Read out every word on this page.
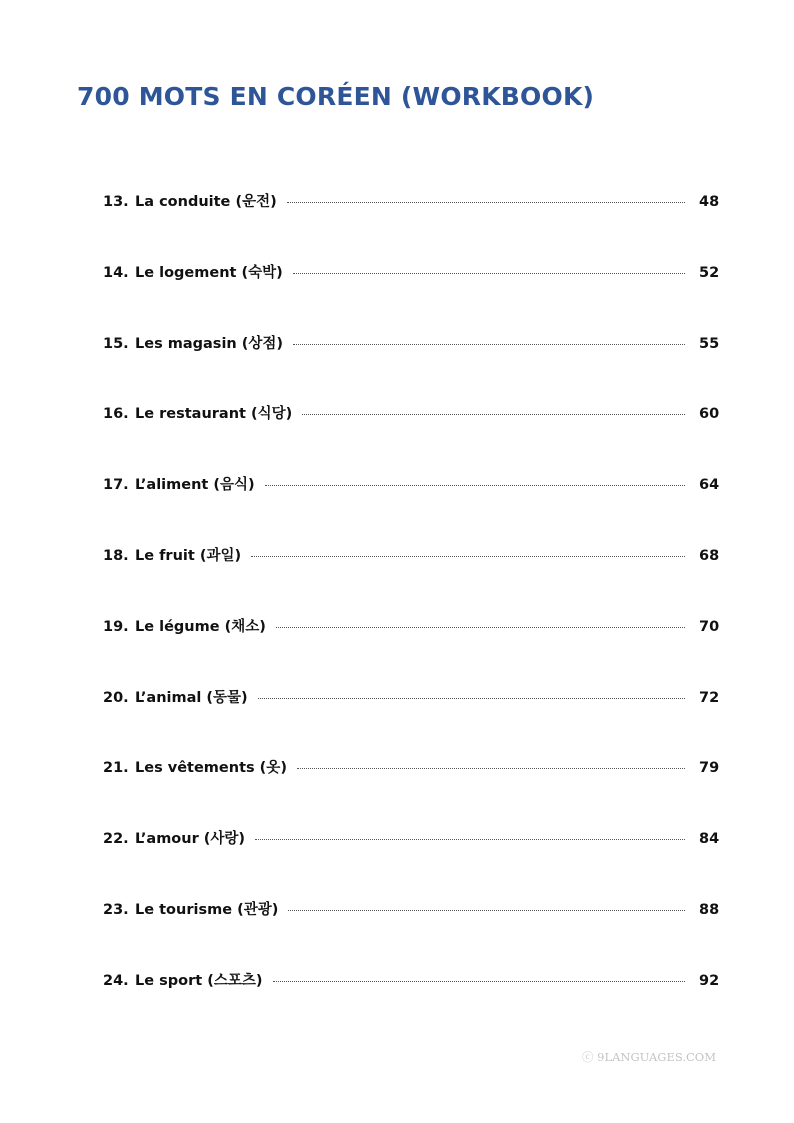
700 MOTS EN CORÉEN (WORKBOOK)
13. La conduite (운전)	48
14. Le logement (숙박)	52
15. Les magasin (상점)	55
16. Le restaurant (식당)	60
17. L’aliment (음식)	64
18. Le fruit (과일)	68
19. Le légume (채소)	70
20. L’animal (동물)	72
21. Les vêtements (옷)	79
22. L’amour (사랑)	84
23. Le tourisme (관광)	88
24. Le sport (스포츠)	92
ⓒ 9LANGUAGES.COM
